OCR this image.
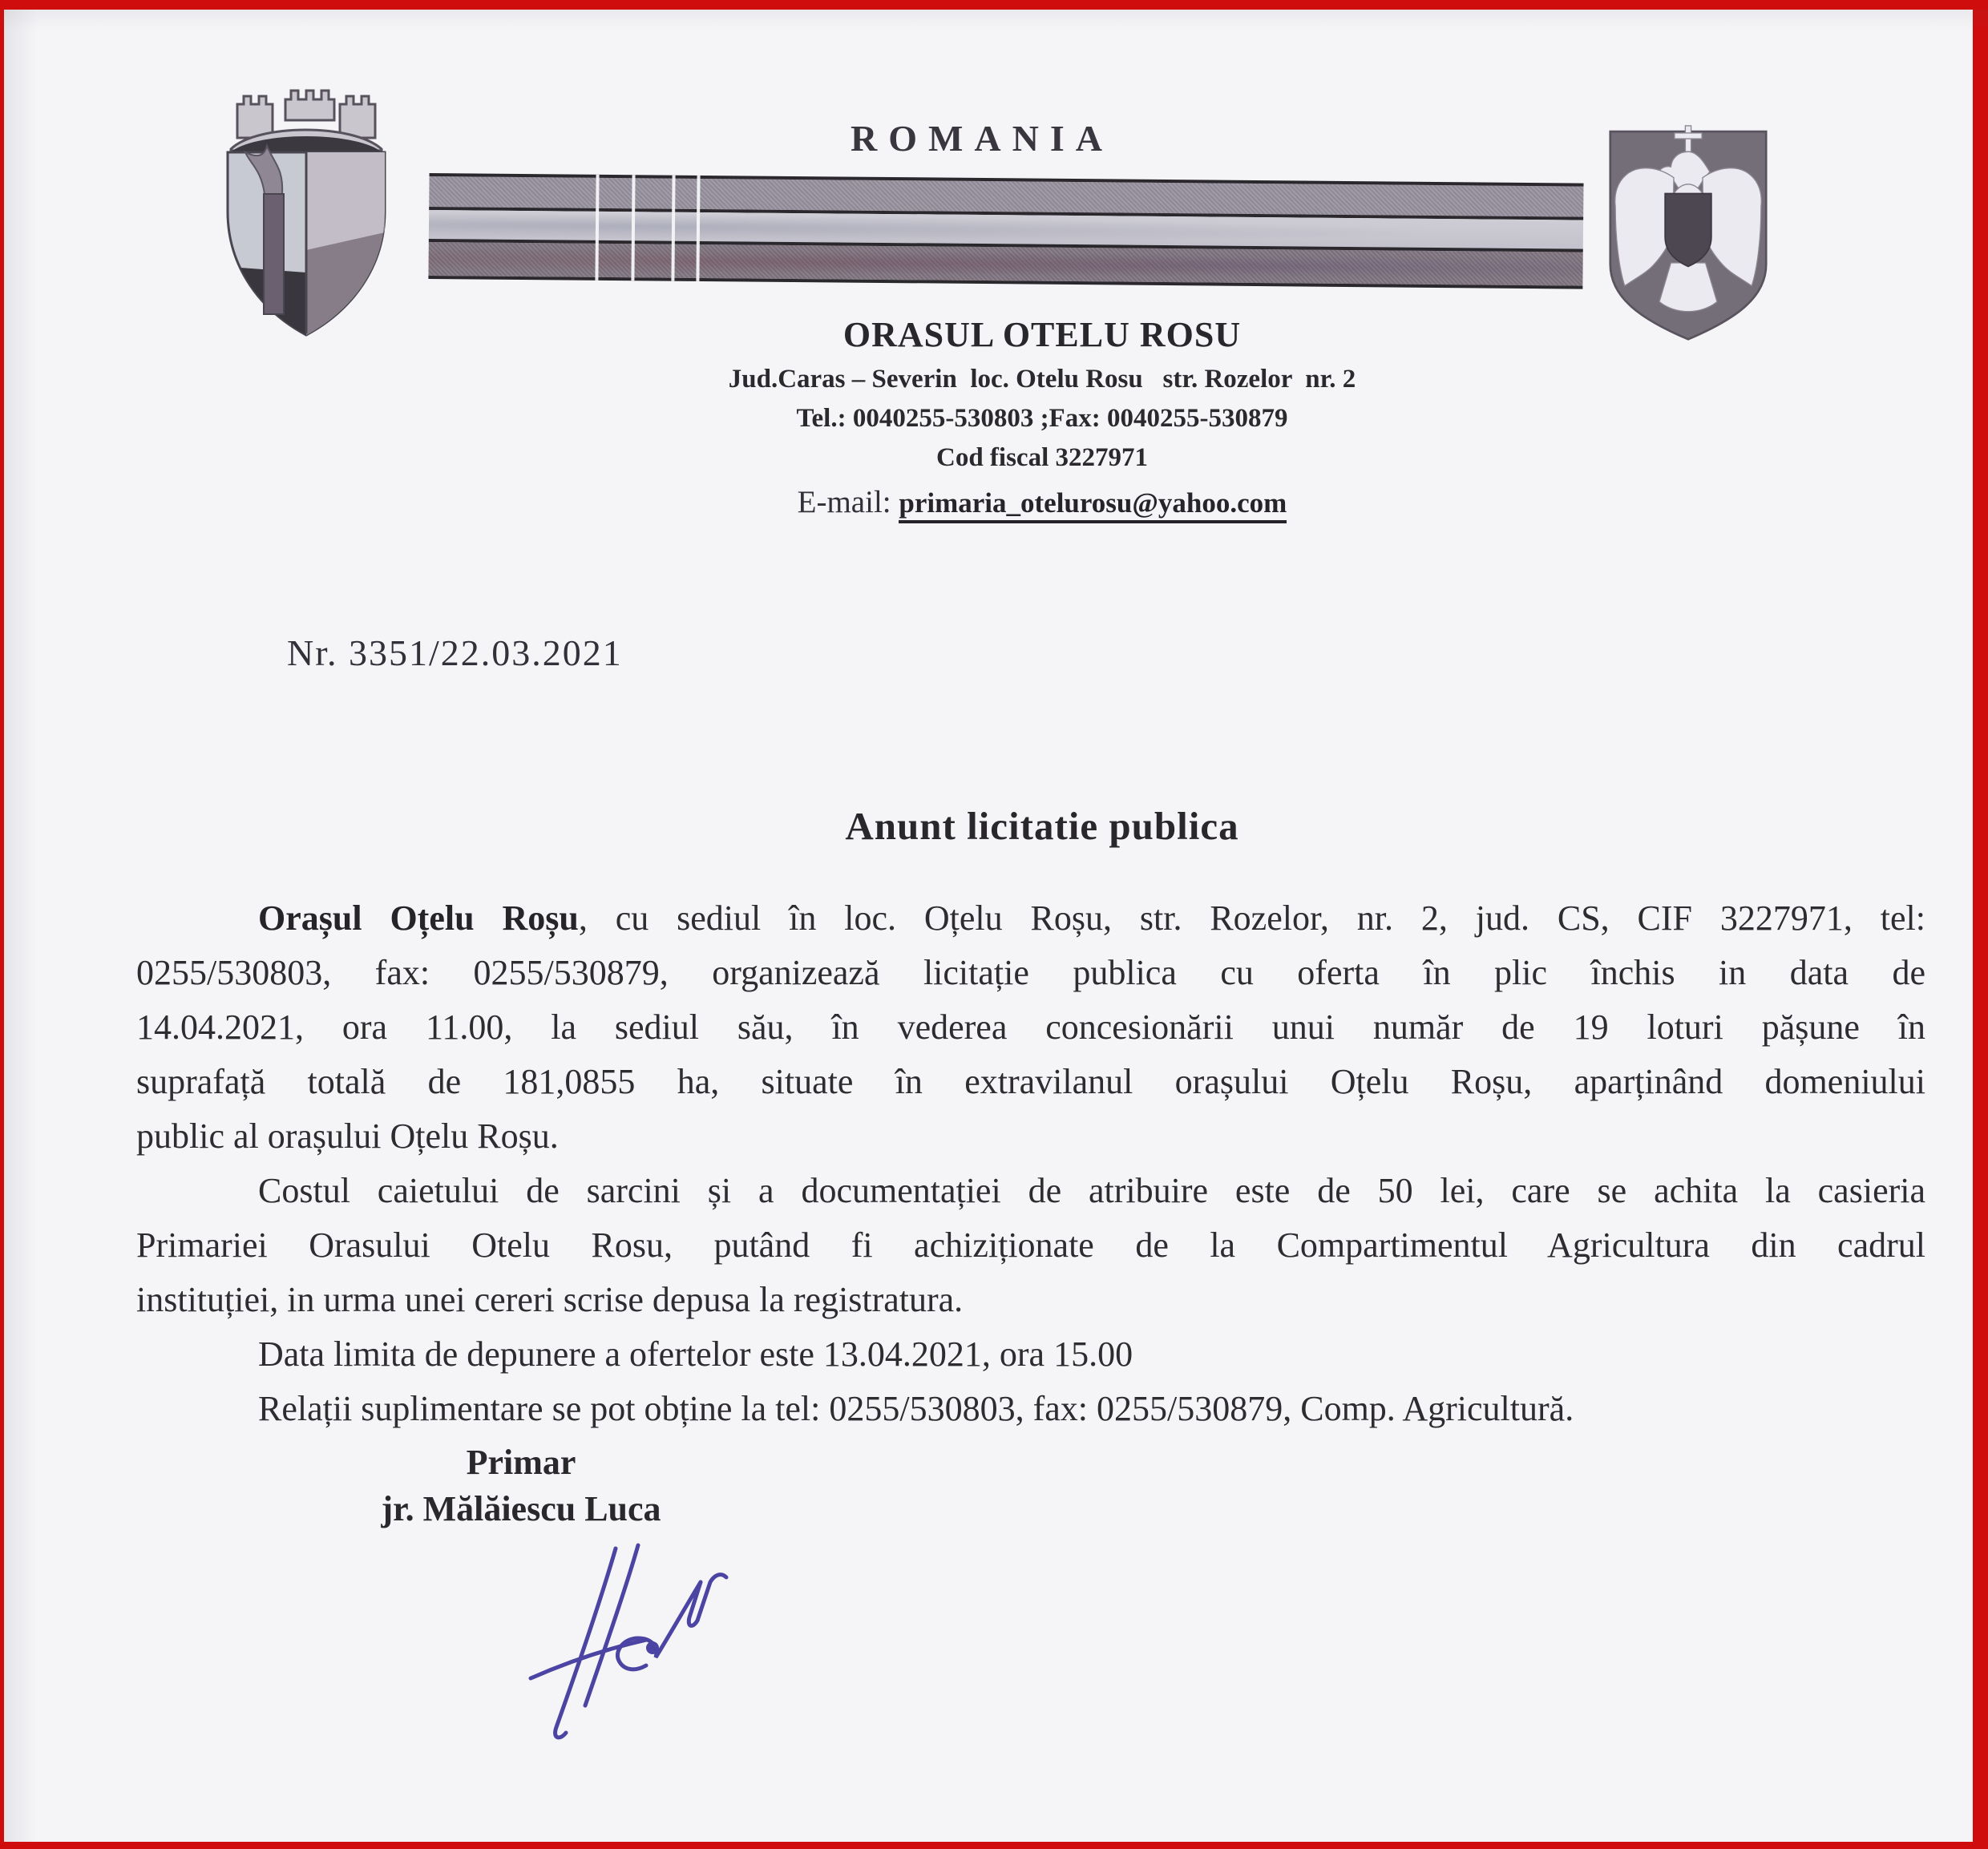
ROMANIA
ORASUL OTELU ROSU
Jud.Caras – Severin  loc. Otelu Rosu   str. Rozelor  nr. 2
Tel.: 0040255-530803 ;Fax: 0040255-530879
Cod fiscal 3227971
E-mail: primaria_otelurosu@yahoo.com
Nr. 3351/22.03.2021
Anunt licitatie publica
Orașul Oțelu Roșu, cu sediul în loc. Oțelu Roșu, str. Rozelor, nr. 2, jud. CS, CIF 3227971, tel:
0255/530803, fax: 0255/530879, organizează licitație publica cu oferta în plic închis in data de
14.04.2021, ora 11.00, la sediul său, în vederea concesionării unui număr de 19 loturi pășune în
suprafață totală de 181,0855 ha, situate în extravilanul orașului Oțelu Roșu, aparținând domeniului
public al orașului Oțelu Roșu.
Costul caietului de sarcini și a documentației de atribuire este de 50 lei, care se achita la casieria
Primariei Orasului Otelu Rosu, putând fi achiziționate de la Compartimentul Agricultura din cadrul
instituției, in urma unei cereri scrise depusa la registratura.
Data limita de depunere a ofertelor este 13.04.2021, ora 15.00
Relații suplimentare se pot obține la tel: 0255/530803, fax: 0255/530879, Comp. Agricultură.
Primar
jr. Mălăiescu Luca
